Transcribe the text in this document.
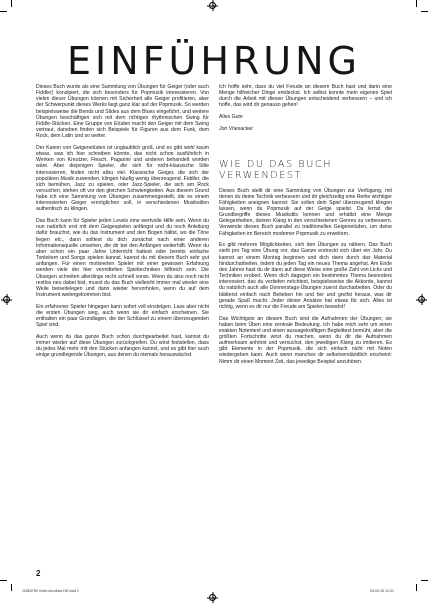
EINFÜHRUNG

Dieses Buch wurde als eine Sammlung von Übungen für Geiger (oder auch Fiddler) konzipiert, die sich besonders für Popmusik interessieren. Von vielen dieser Übungen können mit Sicherheit alle Geiger profitieren, aber der Schwerpunkt dieses Werks liegt ganz klar auf der Popmusik. So werden beispielsweise die Bends und Slides aus dem Blues eingeführt, und weitere Übungen beschäftigen sich mit dem richtigen rhythmischen Swing für Fiddle-Stücken. Eine Gruppe von Etüden macht den Geiger mit dem Swing vertraut, daneben finden sich Beispiele für Figuren aus dem Funk, dem Rock, dem Latin und so weiter.

Der Kanon von Geigenetüden ist unglaublich groß, und es gibt wohl kaum etwas, was ich hier schreiben könnte, das nicht schon ausführlich in Werken von Kreutzer, Flesch, Paganini und anderen behandelt worden wäre. Aber diejenigen Spieler, die sich für nicht-klassische Stile interessieren, finden nicht allzu viel. Klassische Geiger, die sich der populären Musik zuwenden, klingen häufig wenig überzeugend. Fiddler, die sich bemühen, Jazz zu spielen, oder Jazz-Spieler, die sich am Rock versuchen, stehen oft vor den gleichen Schwierigkeiten. Aus diesem Grund habe ich eine Sammlung von Übungen zusammengestellt, die es einem interessierten Geiger ermöglichen soll, in verschiedenen Musikstilen authentisch zu klingen.

Das Buch kann für Spieler jeden Levels eine wertvolle Hilfe sein. Wenn du nun natürlich erst mit dem Geigespielen anfängst und du noch Anleitung dafür brauchst, wie du das Instrument und den Bogen hältst, wo die Töne liegen etc., dann solltest du dich zunächst nach einer anderen Informationsquelle umsehen, die dir bei den Anfängen weiterhilft. Wenn du aber schon ein paar Jahre Unterricht hattest oder bereits einfache Tonleitern und Songs spielen kannst, kannst du mit diesem Buch sehr gut anfangen. Für einen motivierten Spieler mit einer gewissen Erfahrung werden viele der hier vermittelten Spieltechniken hilfreich sein. Die Übungen schreiten allerdings recht schnell voran. Wenn du also noch nicht restlos neu dabei bist, musst du das Buch vielleicht immer mal wieder eine Weile beiseitelegen und dann wieder hervorholen, wenn du auf dem Instrument weitergekommen bist.

Ein erfahrener Spieler hingegen kann sofort voll einsteigen. Lass aber nicht die ersten Übungen weg, auch wenn sie dir einfach erscheinen. Sie enthalten ein paar Grundlagen, die der Schlüssel zu einem überzeugenden Spiel sind.

Auch wenn du das ganze Buch schon durchgearbeitet hast, kannst du immer wieder auf diese Übungen zurückgreifen. Du wirst feststellen, dass du jedes Mal mehr mit den Stücken anfangen kannst, und es gibt hier auch einige grundlegende Übungen, aus denen du niemals herauswächst.

Ich hoffe sehr, dass du viel Freude an diesem Buch hast und darin eine Menge hilfreicher Dinge entdeckst. Ich selbst konnte mein eigenes Spiel durch die Arbeit mit diesen Übungen entscheidend verbessern – und ich hoffe, das wird dir genauso gehen!

Alles Gute

Jon Vriesacker

WIE DU DAS BUCH
VERWENDEST

Dieses Buch stellt dir eine Sammlung von Übungen zur Verfügung, mit denen du deine Technik verbessern und dir gleichzeitig eine Reihe wichtiger Fähigkeiten aneignen kannst: Sie sollen dein Spiel überzeugend klingen lassen, wenn du Popmusik auf der Geige spielst. Du lernst die Grundbegriffe dieses Musikstils kennen und erhältst eine Menge Gelegenheiten, deinen Klang in den verschiedenen Genres zu verbessern. Verwende dieses Buch parallel zu traditionellen Geigenetüden, um deine Fähigkeiten im Bereich moderner Popmusik zu erweitern.

Es gibt mehrere Möglichkeiten, sich den Übungen zu nähern. Das Buch sieht pro Tag eine Übung vor, das Ganze erstreckt sich über ein Jahr. Du kannst an einem Montag beginnen und dich dann durch das Material hindurcharbeiten, indem du jeden Tag ein neues Thema angehst. Am Ende des Jahres hast du dir dann auf diese Weise eine große Zahl von Licks und Techniken erobert. Wenn dich dagegen ein bestimmtes Thema besonders interessiert, das du vertiefen möchtest, beispielsweise die Akkorde, kannst du natürlich auch alle Donnerstags-Übungen zuerst durcharbeiten. Oder du blätterst einfach nach Belieben hin und her und greifst heraus, was dir gerade Spaß macht. Jeder dieser Ansätze hat etwas für sich. Alles ist richtig, wenn es dir nur die Freude am Spielen bewahrt!

Das Wichtigste an diesem Buch sind die Aufnahmen der Übungen; sie haben beim Üben eine zentrale Bedeutung. Ich habe mich sehr um einen exakten Notentext und einen aussagekräftigen Begleittext bemüht, aber die größten Fortschritte wirst du machen, wenn du dir die Aufnahmen aufmerksam anhörst und versuchst, den jeweiligen Klang zu imitieren. Es gibt Elemente in der Popmusik, die sich einfach nicht mit Noten wiedergeben kann. Auch wenn manches dir selbstverständlich erscheint: Nimm dir einen Moment Zeit, das jeweilige Beispiel anzuhören.

2
11853750 Violin Aerobics DE.indd 2	03.03.15 12:31
